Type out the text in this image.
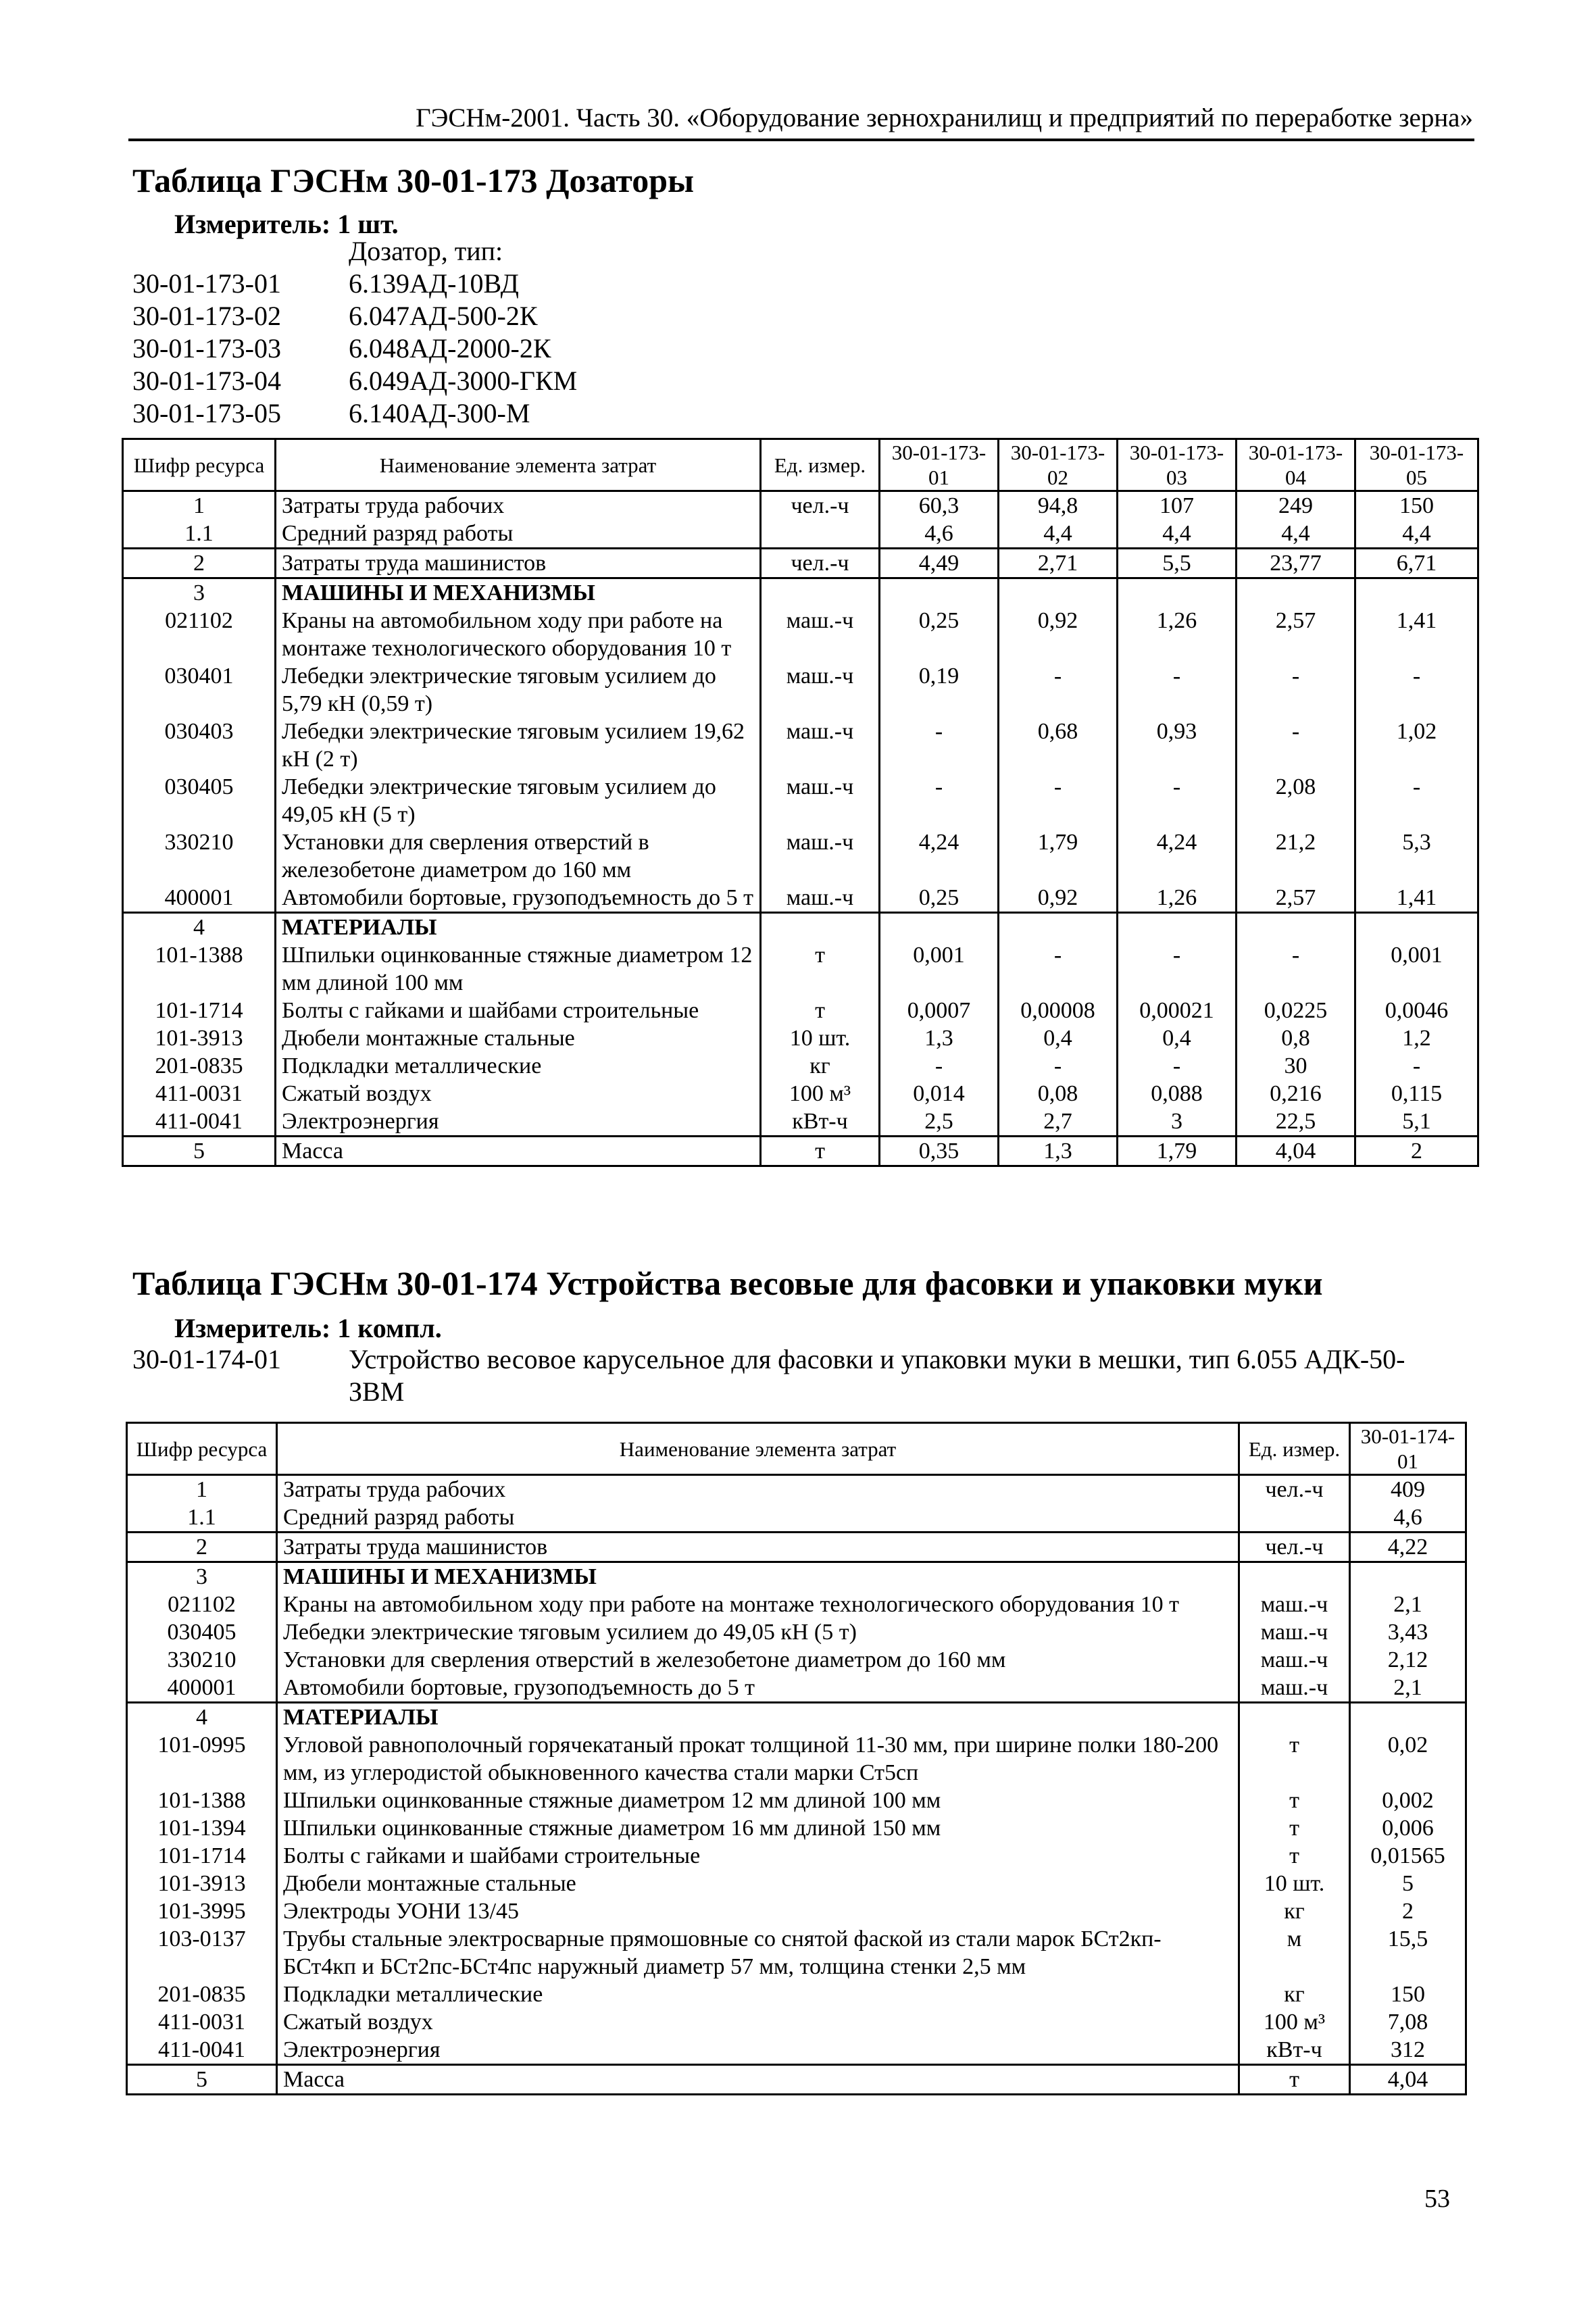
ГЭСНм-2001. Часть 30. «Оборудование зернохранилищ и предприятий по переработке зерна»
Таблица ГЭСНм 30-01-173 Дозаторы
Измеритель: 1 шт.
Дозатор, тип:
30-01-173-01	6.139АД-10ВД
30-01-173-02	6.047АД-500-2К
30-01-173-03	6.048АД-2000-2К
30-01-173-04	6.049АД-3000-ГКМ
30-01-173-05	6.140АД-300-М
Шифр ресурса	Наименование элемента затрат	Ед. измер.	30-01-173-01	30-01-173-02	30-01-173-03	30-01-173-04	30-01-173-05
1	Затраты труда рабочих	чел.-ч	60,3	94,8	107	249	150
1.1	Средний разряд работы		4,6	4,4	4,4	4,4	4,4
2	Затраты труда машинистов	чел.-ч	4,49	2,71	5,5	23,77	6,71
3	МАШИНЫ И МЕХАНИЗМЫ						
021102	Краны на автомобильном ходу при работе на монтаже технологического оборудования 10 т	маш.-ч	0,25	0,92	1,26	2,57	1,41
030401	Лебедки электрические тяговым усилием до 5,79 кН (0,59 т)	маш.-ч	0,19	-	-	-	-
030403	Лебедки электрические тяговым усилием 19,62 кН (2 т)	маш.-ч	-	0,68	0,93	-	1,02
030405	Лебедки электрические тяговым усилием до 49,05 кН (5 т)	маш.-ч	-	-	-	2,08	-
330210	Установки для сверления отверстий в железобетоне диаметром до 160 мм	маш.-ч	4,24	1,79	4,24	21,2	5,3
400001	Автомобили бортовые, грузоподъемность до 5 т	маш.-ч	0,25	0,92	1,26	2,57	1,41
4	МАТЕРИАЛЫ						
101-1388	Шпильки оцинкованные стяжные диаметром 12 мм длиной 100 мм	т	0,001	-	-	-	0,001
101-1714	Болты с гайками и шайбами строительные	т	0,0007	0,00008	0,00021	0,0225	0,0046
101-3913	Дюбели монтажные стальные	10 шт.	1,3	0,4	0,4	0,8	1,2
201-0835	Подкладки металлические	кг	-	-	-	30	-
411-0031	Сжатый воздух	100 м³	0,014	0,08	0,088	0,216	0,115
411-0041	Электроэнергия	кВт-ч	2,5	2,7	3	22,5	5,1
5	Масса	т	0,35	1,3	1,79	4,04	2
Таблица ГЭСНм 30-01-174 Устройства весовые для фасовки и упаковки муки
Измеритель: 1 компл.
30-01-174-01	Устройство весовое карусельное для фасовки и упаковки муки в мешки, тип 6.055 АДК-50-
ЗВМ
Шифр ресурса	Наименование элемента затрат	Ед. измер.	30-01-174-01
1	Затраты труда рабочих	чел.-ч	409
1.1	Средний разряд работы		4,6
2	Затраты труда машинистов	чел.-ч	4,22
3	МАШИНЫ И МЕХАНИЗМЫ		
021102	Краны на автомобильном ходу при работе на монтаже технологического оборудования 10 т	маш.-ч	2,1
030405	Лебедки электрические тяговым усилием до 49,05 кН (5 т)	маш.-ч	3,43
330210	Установки для сверления отверстий в железобетоне диаметром до 160 мм	маш.-ч	2,12
400001	Автомобили бортовые, грузоподъемность до 5 т	маш.-ч	2,1
4	МАТЕРИАЛЫ		
101-0995	Угловой равнополочный горячекатаный прокат толщиной 11-30 мм, при ширине полки 180-200 мм, из углеродистой обыкновенного качества стали марки Ст5сп	т	0,02
101-1388	Шпильки оцинкованные стяжные диаметром 12 мм длиной 100 мм	т	0,002
101-1394	Шпильки оцинкованные стяжные диаметром 16 мм длиной 150 мм	т	0,006
101-1714	Болты с гайками и шайбами строительные	т	0,01565
101-3913	Дюбели монтажные стальные	10 шт.	5
101-3995	Электроды УОНИ 13/45	кг	2
103-0137	Трубы стальные электросварные прямошовные со снятой фаской из стали марок БСт2кп-БСт4кп и БСт2пс-БСт4пс наружный диаметр 57 мм, толщина стенки 2,5 мм	м	15,5
201-0835	Подкладки металлические	кг	150
411-0031	Сжатый воздух	100 м³	7,08
411-0041	Электроэнергия	кВт-ч	312
5	Масса	т	4,04
53
